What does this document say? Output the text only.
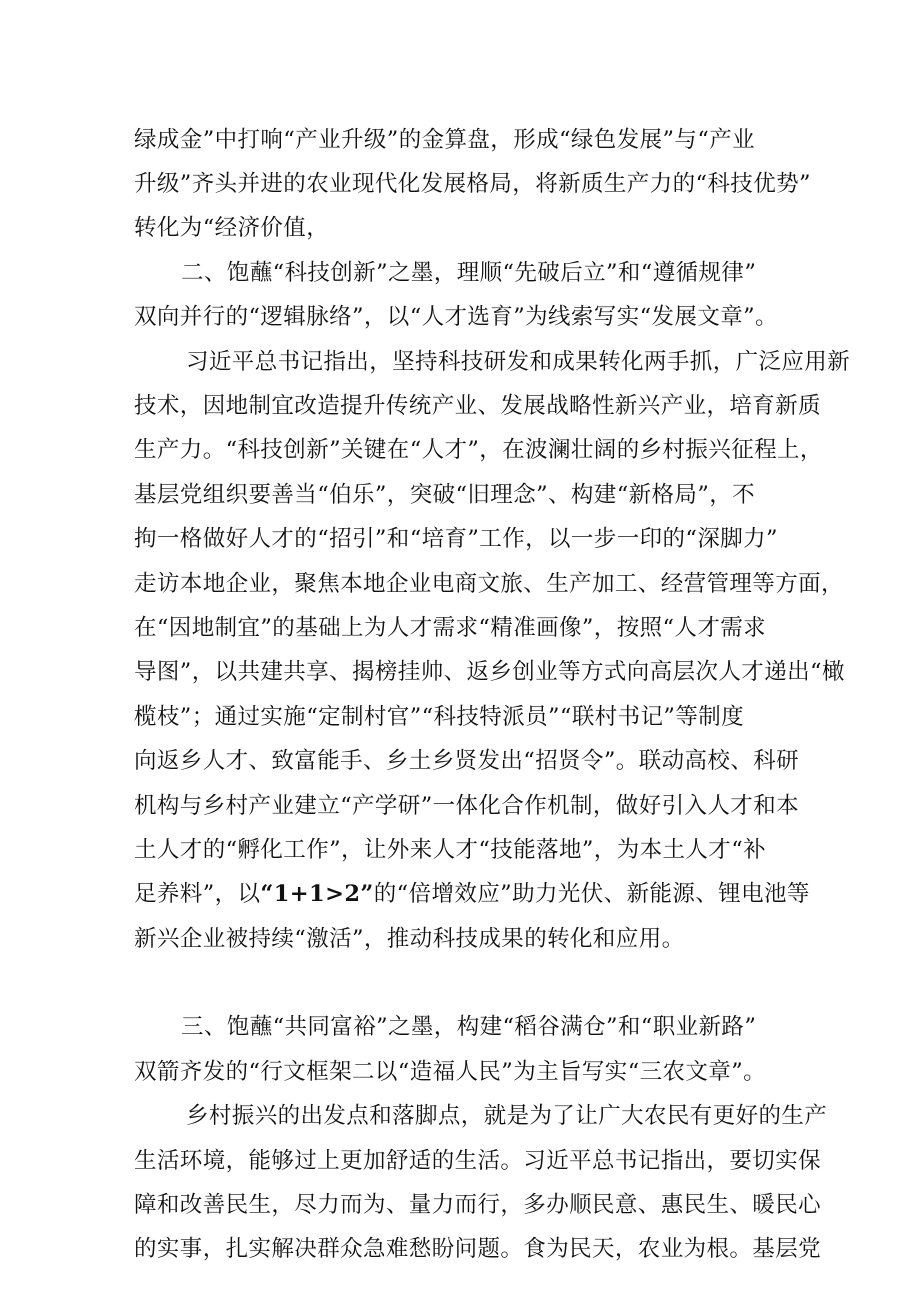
绿成金”中打响“产业升级”的金算盘，形成“绿色发展”与“产业
升级”齐头并进的农业现代化发展格局，将新质生产力的“科技优势”
转化为“经济价值，
二、饱蘸“科技创新”之墨，理顺“先破后立”和“遵循规律”
双向并行的“逻辑脉络”，以“人才选育”为线索写实“发展文章”。
习近平总书记指出，坚持科技研发和成果转化两手抓，广泛应用新
技术，因地制宜改造提升传统产业、发展战略性新兴产业，培育新质
生产力。“科技创新”关键在“人才”，在波澜壮阔的乡村振兴征程上，
基层党组织要善当“伯乐”，突破“旧理念”、构建“新格局”，不
拘一格做好人才的“招引”和“培育”工作，以一步一印的“深脚力”
走访本地企业，聚焦本地企业电商文旅、生产加工、经营管理等方面，
在“因地制宜”的基础上为人才需求“精准画像”，按照“人才需求
导图”，以共建共享、揭榜挂帅、返乡创业等方式向高层次人才递出“橄
榄枝”；通过实施“定制村官”“科技特派员”“联村书记”等制度
向返乡人才、致富能手、乡土乡贤发出“招贤令”。联动高校、科研
机构与乡村产业建立“产学研”一体化合作机制，做好引入人才和本
土人才的“孵化工作”，让外来人才“技能落地”，为本土人才“补
足养料”，以“1+1>2”的“倍增效应”助力光伏、新能源、锂电池等
新兴企业被持续“激活”，推动科技成果的转化和应用。
三、饱蘸“共同富裕”之墨，构建“稻谷满仓”和“职业新路”
双箭齐发的“行文框架二以“造福人民”为主旨写实“三农文章”。
乡村振兴的出发点和落脚点，就是为了让广大农民有更好的生产
生活环境，能够过上更加舒适的生活。习近平总书记指出，要切实保
障和改善民生，尽力而为、量力而行，多办顺民意、惠民生、暖民心
的实事，扎实解决群众急难愁盼问题。食为民天，农业为根。基层党
